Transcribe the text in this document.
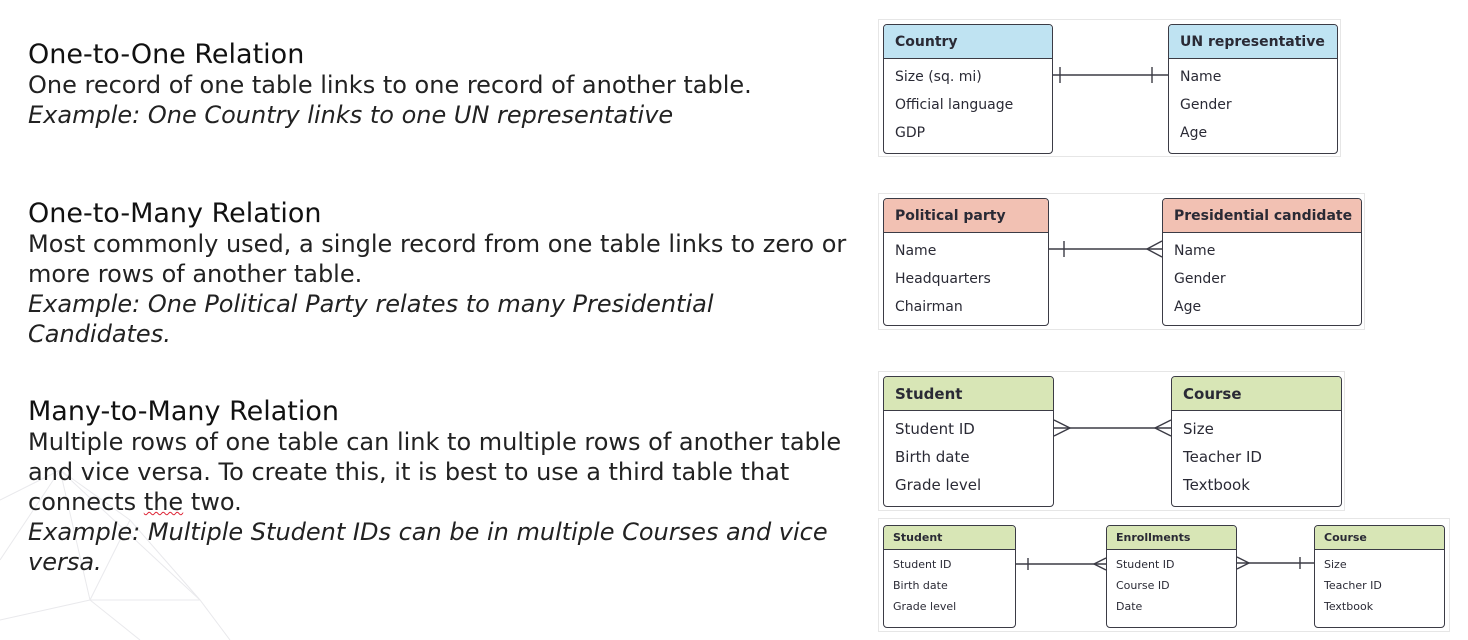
One-to-One Relation

One record of one table links to one record of another table.

Example: One Country links to one UN representative

One-to-Many Relation

Most commonly used, a single record from one table links to zero or

more rows of another table.

Example: One Political Party relates to many Presidential Candidates.

Many-to-Many Relation

Multiple rows of one table can link to multiple rows of another table

and vice versa. To create this, it is best to use a third table that

connects the two.

Example: Multiple Student IDs can be in multiple Courses and vice

versa.

Country
Size (sq. mi)
Official language
GDP
UN representative
Name
Gender
Age
Political party
Name
Headquarters
Chairman
Presidential candidate
Name
Gender
Age
Student
Student ID
Birth date
Grade level
Course
Size
Teacher ID
Textbook
Student
Student ID
Birth date
Grade level
Enrollments
Student ID
Course ID
Date
Course
Size
Teacher ID
Textbook
